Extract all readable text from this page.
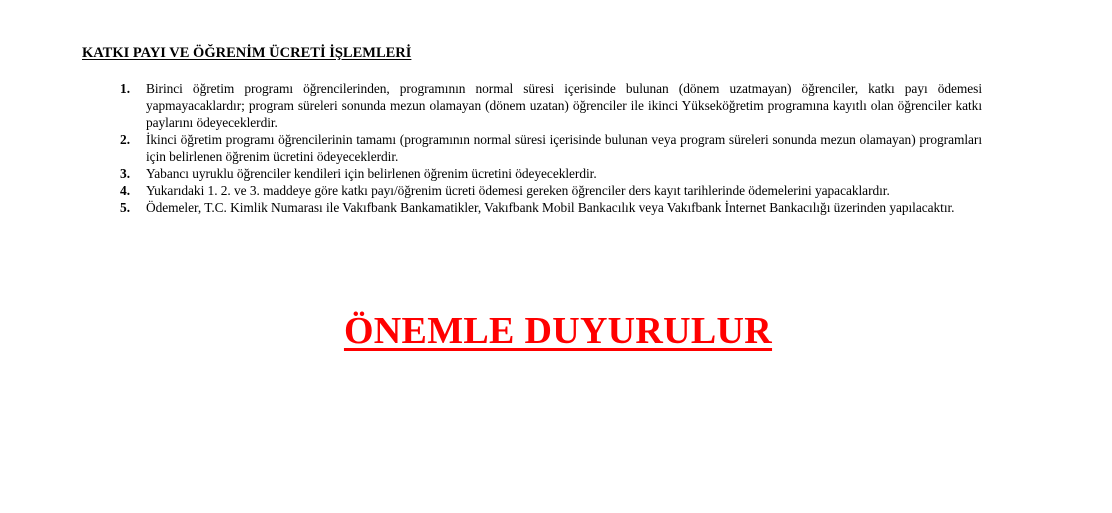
KATKI PAYI VE ÖĞRENİM ÜCRETİ İŞLEMLERİ
1.	Birinci öğretim programı öğrencilerinden, programının normal süresi içerisinde bulunan (dönem uzatmayan) öğrenciler, katkı payı ödemesi yapmayacaklardır; program süreleri sonunda mezun olamayan (dönem uzatan) öğrenciler ile ikinci Yükseköğretim programına kayıtlı olan öğrenciler katkı paylarını ödeyeceklerdir.
2.	İkinci öğretim programı öğrencilerinin tamamı (programının normal süresi içerisinde bulunan veya program süreleri sonunda mezun olamayan) programları için belirlenen öğrenim ücretini ödeyeceklerdir.
3.	Yabancı uyruklu öğrenciler kendileri için belirlenen öğrenim ücretini ödeyeceklerdir.
4.	Yukarıdaki 1. 2. ve 3. maddeye göre katkı payı/öğrenim ücreti ödemesi gereken öğrenciler ders kayıt tarihlerinde ödemelerini yapacaklardır.
5.	Ödemeler, T.C. Kimlik Numarası ile Vakıfbank Bankamatikler, Vakıfbank Mobil Bankacılık veya Vakıfbank İnternet Bankacılığı üzerinden yapılacaktır.
ÖNEMLE DUYURULUR
